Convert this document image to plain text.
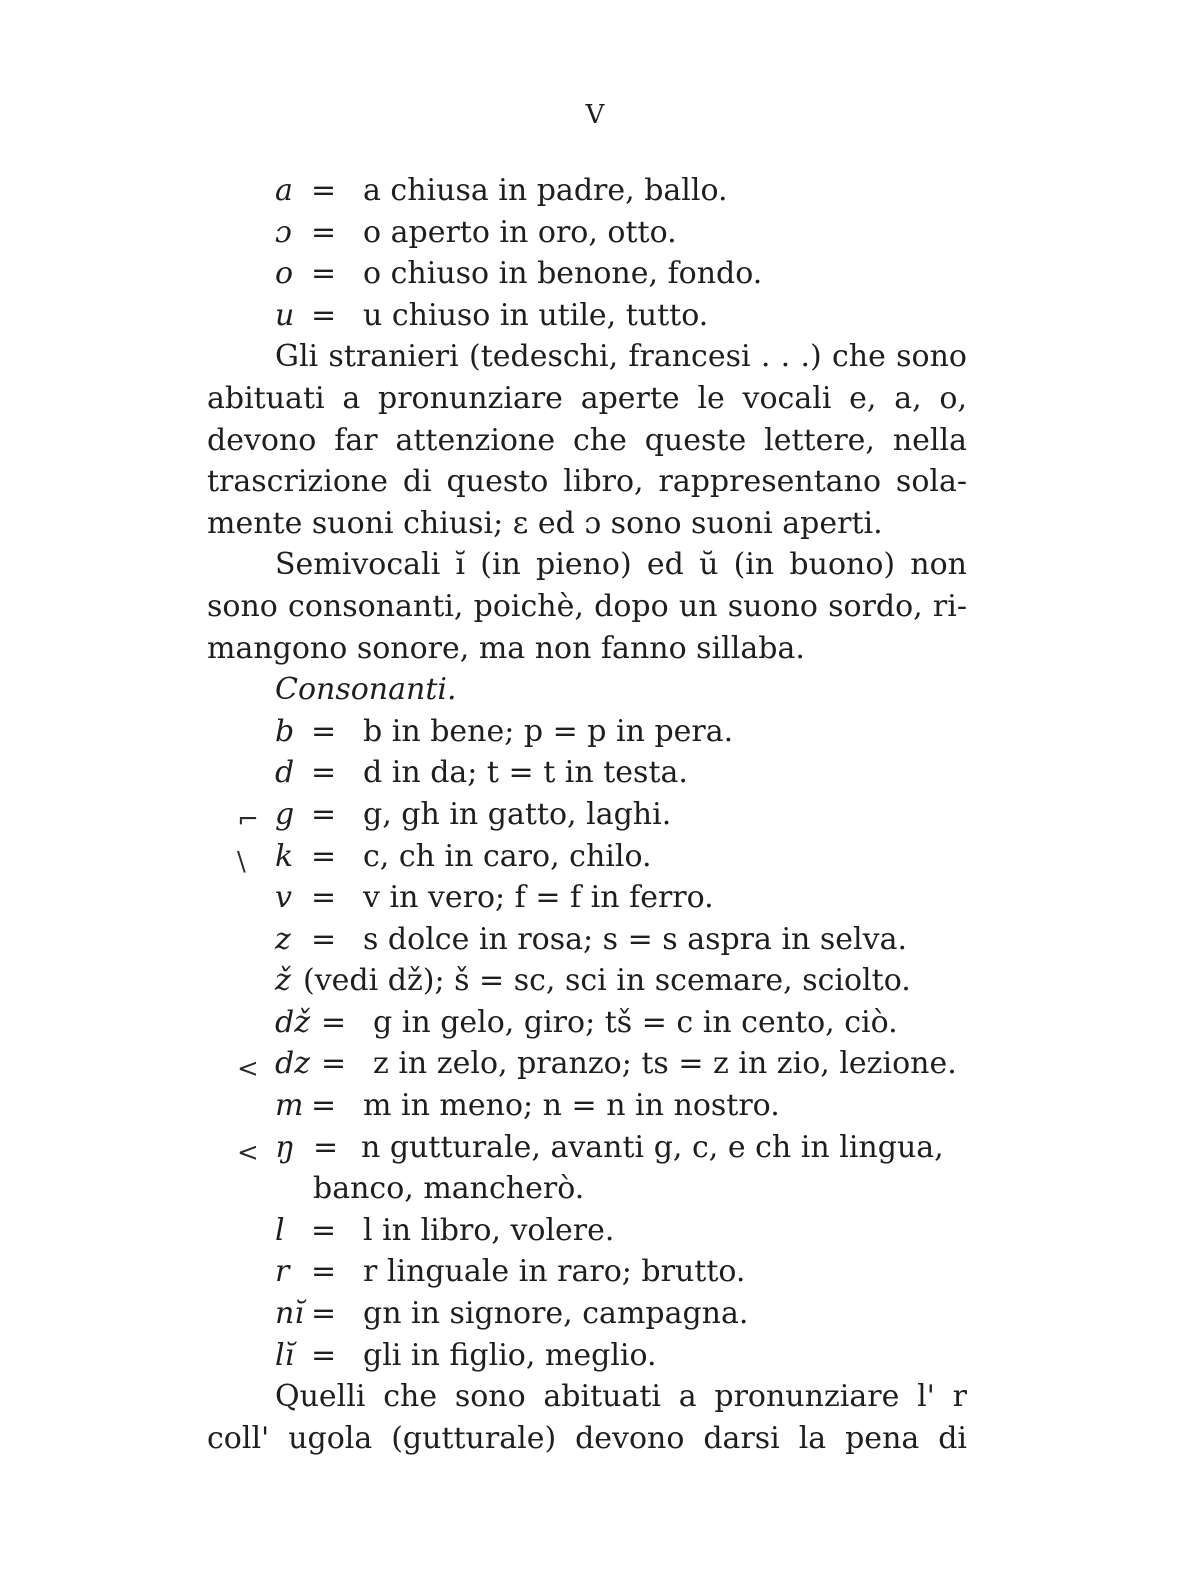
V
a = a chiusa in padre, ballo.
ɔ = o aperto in oro, otto.
o = o chiuso in benone, fondo.
u = u chiuso in utile, tutto.
Gli stranieri (tedeschi, francesi . . .) che sono
abituati a pronunziare aperte le vocali e, a, o,
devono far attenzione che queste lettere, nella
trascrizione di questo libro, rappresentano sola-
mente suoni chiusi; ε ed ɔ sono suoni aperti.
Semivocali ĭ (in pieno) ed ŭ (in buono) non
sono consonanti, poichè, dopo un suono sordo, ri-
mangono sonore, ma non fanno sillaba.
Consonanti.
b = b in bene; p = p in pera.
d = d in da; t = t in testa.
⌐ g = g, gh in gatto, laghi.
\ k = c, ch in caro, chilo.
v = v in vero; f = f in ferro.
z = s dolce in rosa; s = s aspra in selva.
ž (vedi dž); š = sc, sci in scemare, sciolto.
dž = g in gelo, giro; tš = c in cento, ciò.
< dz = z in zelo, pranzo; ts = z in zio, lezione.
m = m in meno; n = n in nostro.
< ŋ = n gutturale, avanti g, c, e ch in lingua,
banco, mancherò.
l = l in libro, volere.
r = r linguale in raro; brutto.
nĭ = gn in signore, campagna.
lĭ = gli in figlio, meglio.
Quelli che sono abituati a pronunziare l' r
coll' ugola (gutturale) devono darsi la pena di
